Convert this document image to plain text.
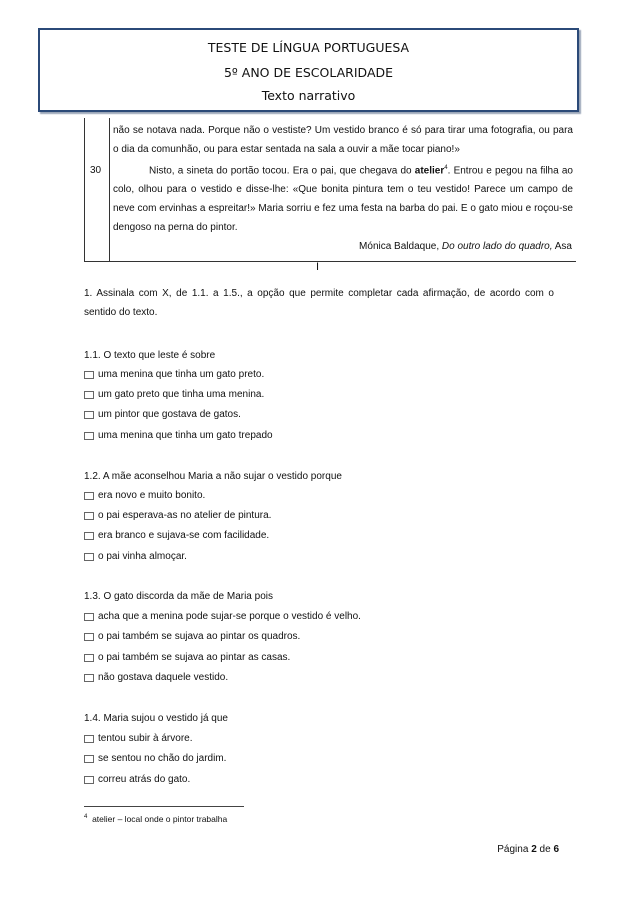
TESTE DE LÍNGUA PORTUGUESA
5º ANO DE ESCOLARIDADE
Texto narrativo
30
não se notava nada. Porque não o vestiste? Um vestido branco é só para tirar uma fotografia, ou para o dia da comunhão, ou para estar sentada na sala a ouvir a mãe tocar piano!»
Nisto, a sineta do portão tocou. Era o pai, que chegava do atelier$^4$. Entrou e pegou na filha ao colo, olhou para o vestido e disse-lhe: «Que bonita pintura tem o teu vestido! Parece um campo de neve com ervinhas a espreitar!» Maria sorriu e fez uma festa na barba do pai. E o gato miou e roçou-se dengoso na perna do pintor.
Mónica Baldaque, Do outro lado do quadro, Asa
I
1. Assinala com X, de 1.1. a 1.5., a opção que permite completar cada afirmação, de acordo com o sentido do texto.
1.1. O texto que leste é sobre
uma menina que tinha um gato preto.
um gato preto que tinha uma menina.
um pintor que gostava de gatos.
uma menina que tinha um gato trepado
1.2. A mãe aconselhou Maria a não sujar o vestido porque
era novo e muito bonito.
o pai esperava-as no atelier de pintura.
era branco e sujava-se com facilidade.
o pai vinha almoçar.
1.3. O gato discorda da mãe de Maria pois
acha que a menina pode sujar-se porque o vestido é velho.
o pai também se sujava ao pintar os quadros.
o pai também se sujava ao pintar as casas.
não gostava daquele vestido.
1.4. Maria sujou o vestido já que
tentou subir à árvore.
se sentou no chão do jardim.
correu atrás do gato.
$^4$ atelier – local onde o pintor trabalha
Página 2 de 6
